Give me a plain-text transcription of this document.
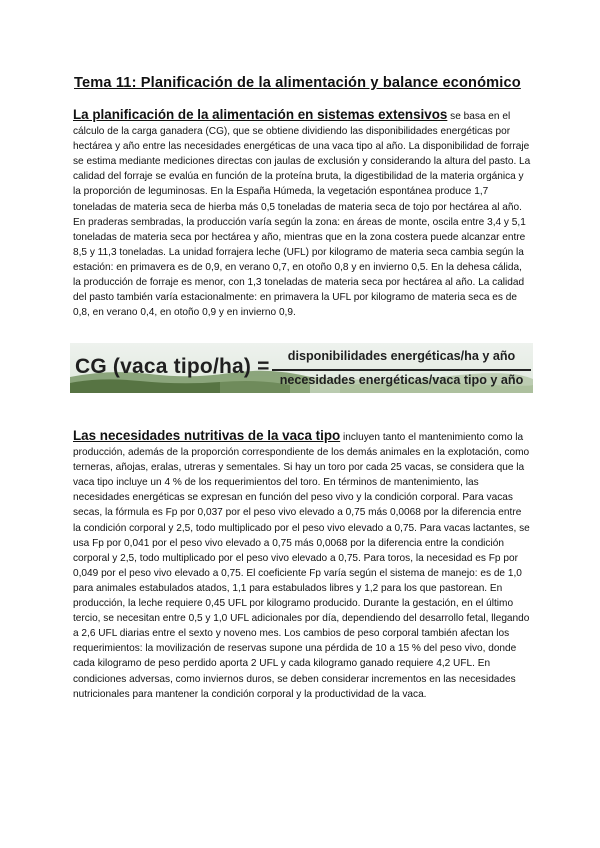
Tema 11: Planificación de la alimentación y balance económico
La planificación de la alimentación en sistemas extensivos se basa en el cálculo de la carga ganadera (CG), que se obtiene dividiendo las disponibilidades energéticas por hectárea y año entre las necesidades energéticas de una vaca tipo al año. La disponibilidad de forraje se estima mediante mediciones directas con jaulas de exclusión y considerando la altura del pasto. La calidad del forraje se evalúa en función de la proteína bruta, la digestibilidad de la materia orgánica y la proporción de leguminosas. En la España Húmeda, la vegetación espontánea produce 1,7 toneladas de materia seca de hierba más 0,5 toneladas de materia seca de tojo por hectárea al año. En praderas sembradas, la producción varía según la zona: en áreas de monte, oscila entre 3,4 y 5,1 toneladas de materia seca por hectárea y año, mientras que en la zona costera puede alcanzar entre 8,5 y 11,3 toneladas. La unidad forrajera leche (UFL) por kilogramo de materia seca cambia según la estación: en primavera es de 0,9, en verano 0,7, en otoño 0,8 y en invierno 0,5. En la dehesa cálida, la producción de forraje es menor, con 1,3 toneladas de materia seca por hectárea al año. La calidad del pasto también varía estacionalmente: en primavera la UFL por kilogramo de materia seca es de 0,8, en verano 0,4, en otoño 0,9 y en invierno 0,9.
CG (vaca tipo/ha) =	disponibilidades energéticas/ha y año
necesidades energéticas/vaca tipo y año
Las necesidades nutritivas de la vaca tipo incluyen tanto el mantenimiento como la producción, además de la proporción correspondiente de los demás animales en la explotación, como terneras, añojas, eralas, utreras y sementales. Si hay un toro por cada 25 vacas, se considera que la vaca tipo incluye un 4 % de los requerimientos del toro. En términos de mantenimiento, las necesidades energéticas se expresan en función del peso vivo y la condición corporal. Para vacas secas, la fórmula es Fp por 0,037 por el peso vivo elevado a 0,75 más 0,0068 por la diferencia entre la condición corporal y 2,5, todo multiplicado por el peso vivo elevado a 0,75. Para vacas lactantes, se usa Fp por 0,041 por el peso vivo elevado a 0,75 más 0,0068 por la diferencia entre la condición corporal y 2,5, todo multiplicado por el peso vivo elevado a 0,75. Para toros, la necesidad es Fp por 0,049 por el peso vivo elevado a 0,75. El coeficiente Fp varía según el sistema de manejo: es de 1,0 para animales estabulados atados, 1,1 para estabulados libres y 1,2 para los que pastorean. En producción, la leche requiere 0,45 UFL por kilogramo producido. Durante la gestación, en el último tercio, se necesitan entre 0,5 y 1,0 UFL adicionales por día, dependiendo del desarrollo fetal, llegando a 2,6 UFL diarias entre el sexto y noveno mes. Los cambios de peso corporal también afectan los requerimientos: la movilización de reservas supone una pérdida de 10 a 15 % del peso vivo, donde cada kilogramo de peso perdido aporta 2 UFL y cada kilogramo ganado requiere 4,2 UFL. En condiciones adversas, como inviernos duros, se deben considerar incrementos en las necesidades nutricionales para mantener la condición corporal y la productividad de la vaca.
